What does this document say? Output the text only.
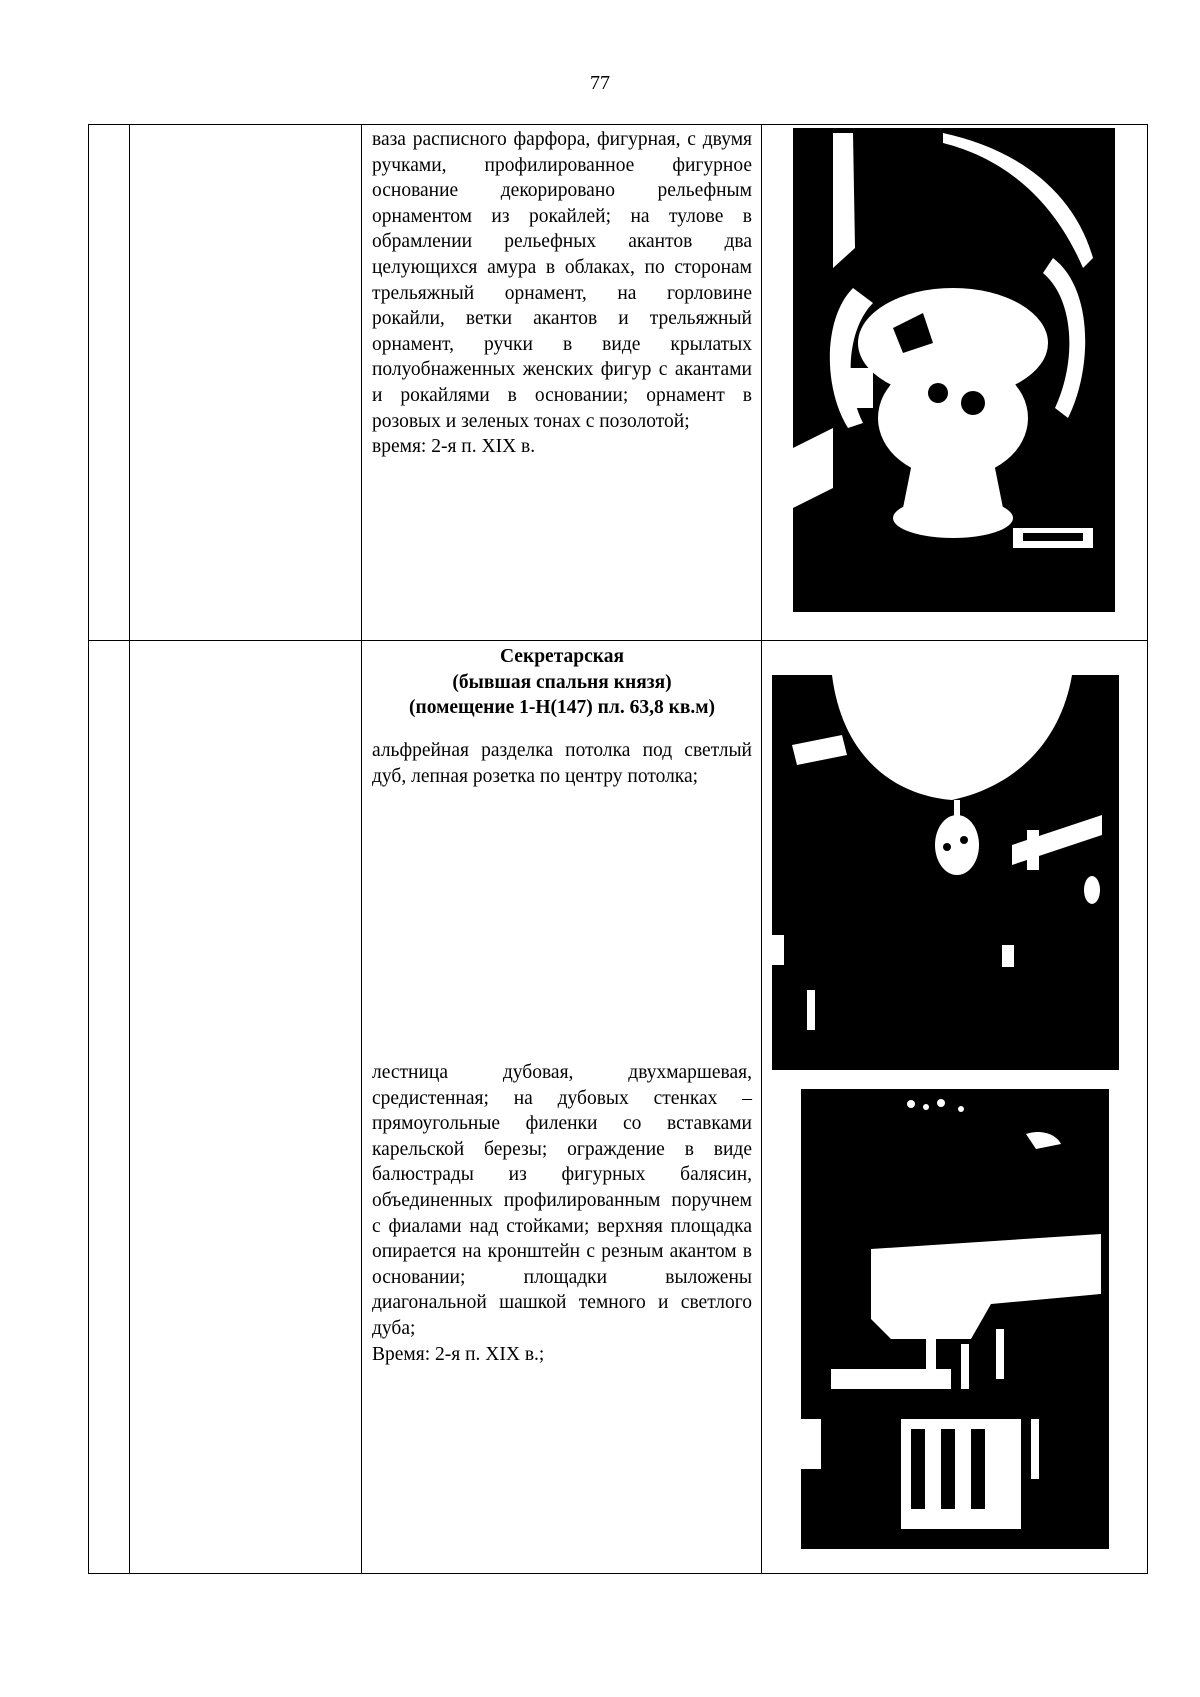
77

ваза расписного фарфора, фигурная, с двумя ручками, профилированное фигурное основание декорировано рельефным орнаментом из рокайлей; на тулове в обрамлении рельефных акантов два целующихся амура в облаках, по сторонам трельяжный орнамент, на горловине рокайли, ветки акантов и трельяжный орнамент, ручки в виде крылатых полуобнаженных женских фигур с акантами и рокайлями в основании; орнамент в розовых и зеленых тонах с позолотой;

время: 2-я п. XIX в.

Секретарская
(бывшая спальня князя)
(помещение 1-Н(147) пл. 63,8 кв.м)

альфрейная разделка потолка под светлый дуб, лепная розетка по центру потолка;

лестница дубовая, двухмаршевая, средистенная; на дубовых стенках – прямоугольные филенки со вставками карельской березы; ограждение в виде балюстрады из фигурных балясин, объединенных профилированным поручнем с фиалами над стойками; верхняя площадка опирается на кронштейн с резным акантом в основании; площадки выложены диагональной шашкой темного и светлого дуба;

Время: 2-я п. XIX в.;
